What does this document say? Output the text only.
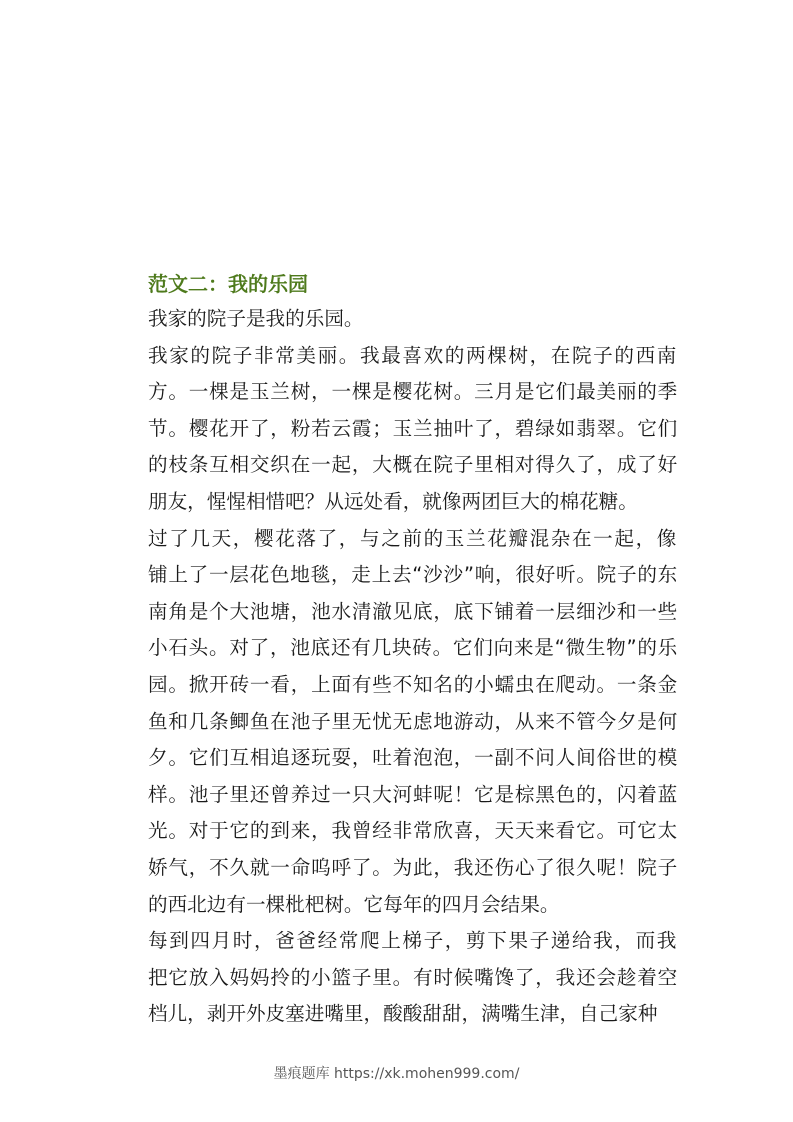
范文二：我的乐园
我家的院子是我的乐园。
我家的院子非常美丽。我最喜欢的两棵树，在院子的西南
方。一棵是玉兰树，一棵是樱花树。三月是它们最美丽的季
节。樱花开了，粉若云霞；玉兰抽叶了，碧绿如翡翠。它们
的枝条互相交织在一起，大概在院子里相对得久了，成了好
朋友，惺惺相惜吧？从远处看，就像两团巨大的棉花糖。
过了几天，樱花落了，与之前的玉兰花瓣混杂在一起，像
铺上了一层花色地毯，走上去“沙沙”响，很好听。院子的东
南角是个大池塘，池水清澈见底，底下铺着一层细沙和一些
小石头。对了，池底还有几块砖。它们向来是“微生物”的乐
园。掀开砖一看，上面有些不知名的小蠕虫在爬动。一条金
鱼和几条鲫鱼在池子里无忧无虑地游动，从来不管今夕是何
夕。它们互相追逐玩耍，吐着泡泡，一副不问人间俗世的模
样。池子里还曾养过一只大河蚌呢！它是棕黑色的，闪着蓝
光。对于它的到来，我曾经非常欣喜，天天来看它。可它太
娇气，不久就一命呜呼了。为此，我还伤心了很久呢！院子
的西北边有一棵枇杷树。它每年的四月会结果。
每到四月时，爸爸经常爬上梯子，剪下果子递给我，而我
把它放入妈妈拎的小篮子里。有时候嘴馋了，我还会趁着空
档儿，剥开外皮塞进嘴里，酸酸甜甜，满嘴生津，自己家种
墨痕题库 https://xk.mohen999.com/
